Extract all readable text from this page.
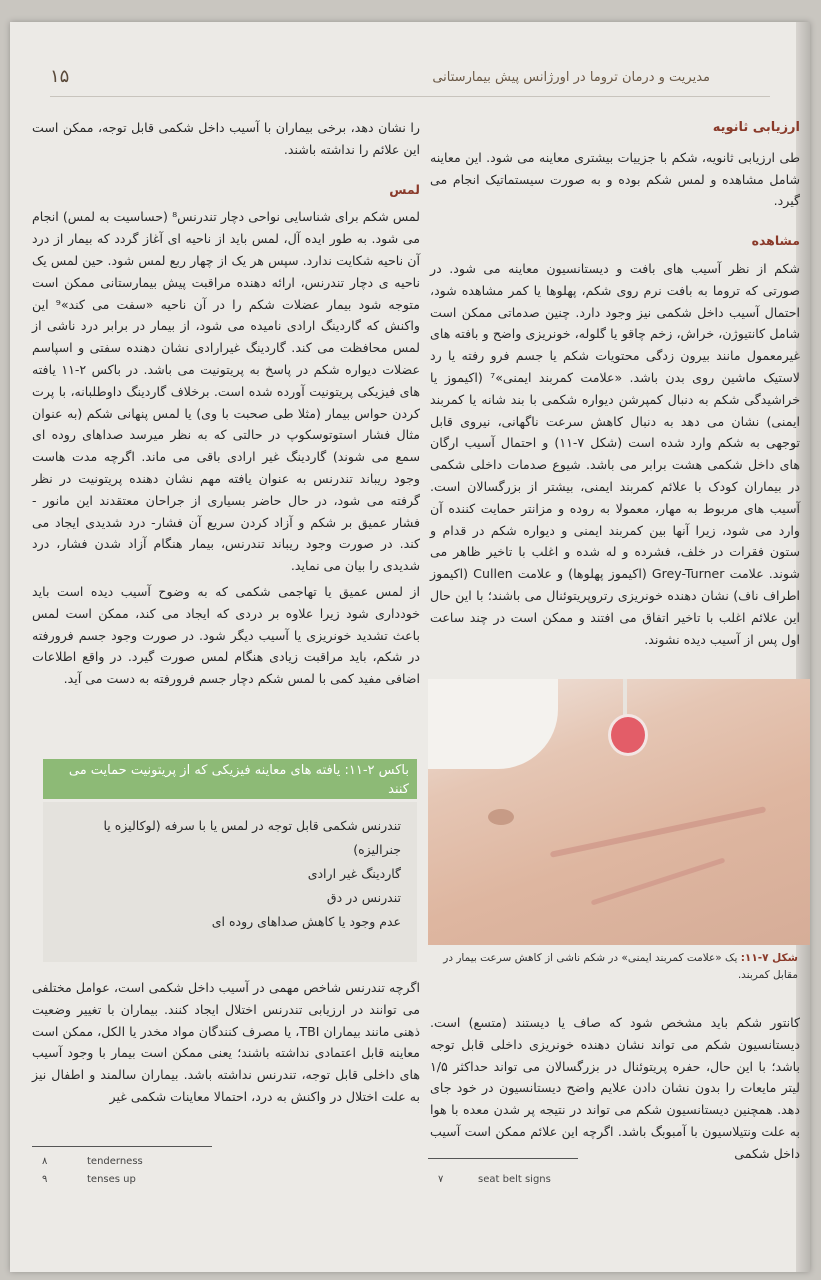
۱۵	مدیریت و درمان تروما در اورژانس پیش بیمارستانی
ارزیابی ثانویه

طی ارزیابی ثانویه، شکم با جزییات بیشتری معاینه می شود. این معاینه شامل مشاهده و لمس شکم بوده و به صورت سیستماتیک انجام می گیرد.

مشاهده

شکم از نظر آسیب های بافت و دیستانسیون معاینه می شود. در صورتی که تروما به بافت نرم روی شکم، پهلوها یا کمر مشاهده شود، احتمال آسیب داخل شکمی نیز وجود دارد. چنین صدماتی ممکن است شامل کانتیوژن، خراش، زخم چاقو یا گلوله، خونریزی واضح و بافته های غیرمعمول مانند بیرون زدگی محتویات شکم یا جسم فرو رفته یا رد لاستیک ماشین روی بدن باشد. «علامت کمربند ایمنی»⁷ (اکیموز یا خراشیدگی شکم به دنبال کمپرشن دیواره شکمی با بند شانه یا کمربند ایمنی) نشان می دهد به دنبال کاهش سرعت ناگهانی، نیروی قابل توجهی به شکم وارد شده است (شکل ۷-۱۱) و احتمال آسیب ارگان های داخل شکمی هشت برابر می باشد. شیوع صدمات داخلی شکمی در بیماران کودک با علائم کمربند ایمنی، بیشتر از بزرگسالان است. آسیب های مربوط به مهار، معمولا به روده و مزانتر حمایت کننده آن وارد می شود، زیرا آنها بین کمربند ایمنی و دیواره شکم در قدام و ستون فقرات در خلف، فشرده و له شده و اغلب با تاخیر ظاهر می شوند. علامت Grey-Turner (اکیموز پهلوها) و علامت Cullen (اکیموز اطراف ناف) نشان دهنده خونریزی رتروپریتوئنال می باشند؛ با این حال این علائم اغلب با تاخیر اتفاق می افتند و ممکن است در چند ساعت اول پس از آسیب دیده نشوند.

شکل ۷-۱۱: یک «علامت کمربند ایمنی» در شکم ناشی از کاهش سرعت بیمار در مقابل کمربند.

کانتور شکم باید مشخص شود که صاف یا دیستند (متسع) است. دیستانسیون شکم می تواند نشان دهنده خونریزی داخلی قابل توجه باشد؛ با این حال، حفره پریتوئنال در بزرگسالان می تواند حداکثر ۱/۵ لیتر مایعات را بدون نشان دادن علایم واضح دیستانسیون در خود جای دهد. همچنین دیستانسیون شکم می تواند در نتیجه پر شدن معده با هوا به علت ونتیلاسیون با آمبوبگ باشد. اگرچه این علائم ممکن است آسیب داخل شکمی

را نشان دهد، برخی بیماران با آسیب داخل شکمی قابل توجه، ممکن است این علائم را نداشته باشند.

لمس

لمس شکم برای شناسایی نواحی دچار تندرنس⁸ (حساسیت به لمس) انجام می شود. به طور ایده آل، لمس باید از ناحیه ای آغاز گردد که بیمار از درد آن ناحیه شکایت ندارد. سپس هر یک از چهار ربع لمس شود. حین لمس یک ناحیه ی دچار تندرنس، ارائه دهنده مراقبت پیش بیمارستانی ممکن است متوجه شود بیمار عضلات شکم را در آن ناحیه «سفت می کند»⁹ این واکنش که گاردینگ ارادی نامیده می شود، از بیمار در برابر درد ناشی از لمس محافظت می کند. گاردینگ غیرارادی نشان دهنده سفتی و اسپاسم عضلات دیواره شکم در پاسخ به پریتونیت می باشد. در باکس ۲-۱۱ یافته های فیزیکی پریتونیت آورده شده است. برخلاف گاردینگ داوطلبانه، با پرت کردن حواس بیمار (مثلا طی صحبت با وی) یا لمس پنهانی شکم (به عنوان مثال فشار استوتوسکوپ در حالتی که به نظر میرسد صداهای روده ای سمع می شوند) گاردینگ غیر ارادی باقی می ماند. اگرچه مدت هاست وجود ریباند تندرنس به عنوان یافته مهم نشان دهنده پریتونیت در نظر گرفته می شود، در حال حاضر بسیاری از جراحان معتقدند این مانور - فشار عمیق بر شکم و آزاد کردن سریع آن فشار- درد شدیدی ایجاد می کند. در صورت وجود ریباند تندرنس، بیمار هنگام آزاد شدن فشار، درد شدیدی را بیان می نماید.

از لمس عمیق یا تهاجمی شکمی که به وضوح آسیب دیده است باید خودداری شود زیرا علاوه بر دردی که ایجاد می کند، ممکن است لمس باعث تشدید خونریزی یا آسیب دیگر شود. در صورت وجود جسم فرورفته در شکم، باید مراقبت زیادی هنگام لمس صورت گیرد. در واقع اطلاعات اضافی مفید کمی با لمس شکم دچار جسم فرورفته به دست می آید.

باکس ۲-۱۱: یافته های معاینه فیزیکی که از پریتونیت حمایت می کنند
تندرنس شکمی قابل توجه در لمس یا با سرفه (لوکالیزه یا جنرالیزه)
گاردینگ غیر ارادی
تندرنس در دق
عدم وجود یا کاهش صداهای روده ای

اگرچه تندرنس شاخص مهمی در آسیب داخل شکمی است، عوامل مختلفی می توانند در ارزیابی تندرنس اختلال ایجاد کنند. بیماران با تغییر وضعیت ذهنی مانند بیماران TBI، یا مصرف کنندگان مواد مخدر یا الکل، ممکن است معاینه قابل اعتمادی نداشته باشند؛ یعنی ممکن است بیمار با وجود آسیب های داخلی قابل توجه، تندرنس نداشته باشد. بیماران سالمند و اطفال نیز به علت اختلال در واکنش به درد، احتمالا معاینات شکمی غیر

tenderness
۸
tenses up
۹	seat belt signs
۷
